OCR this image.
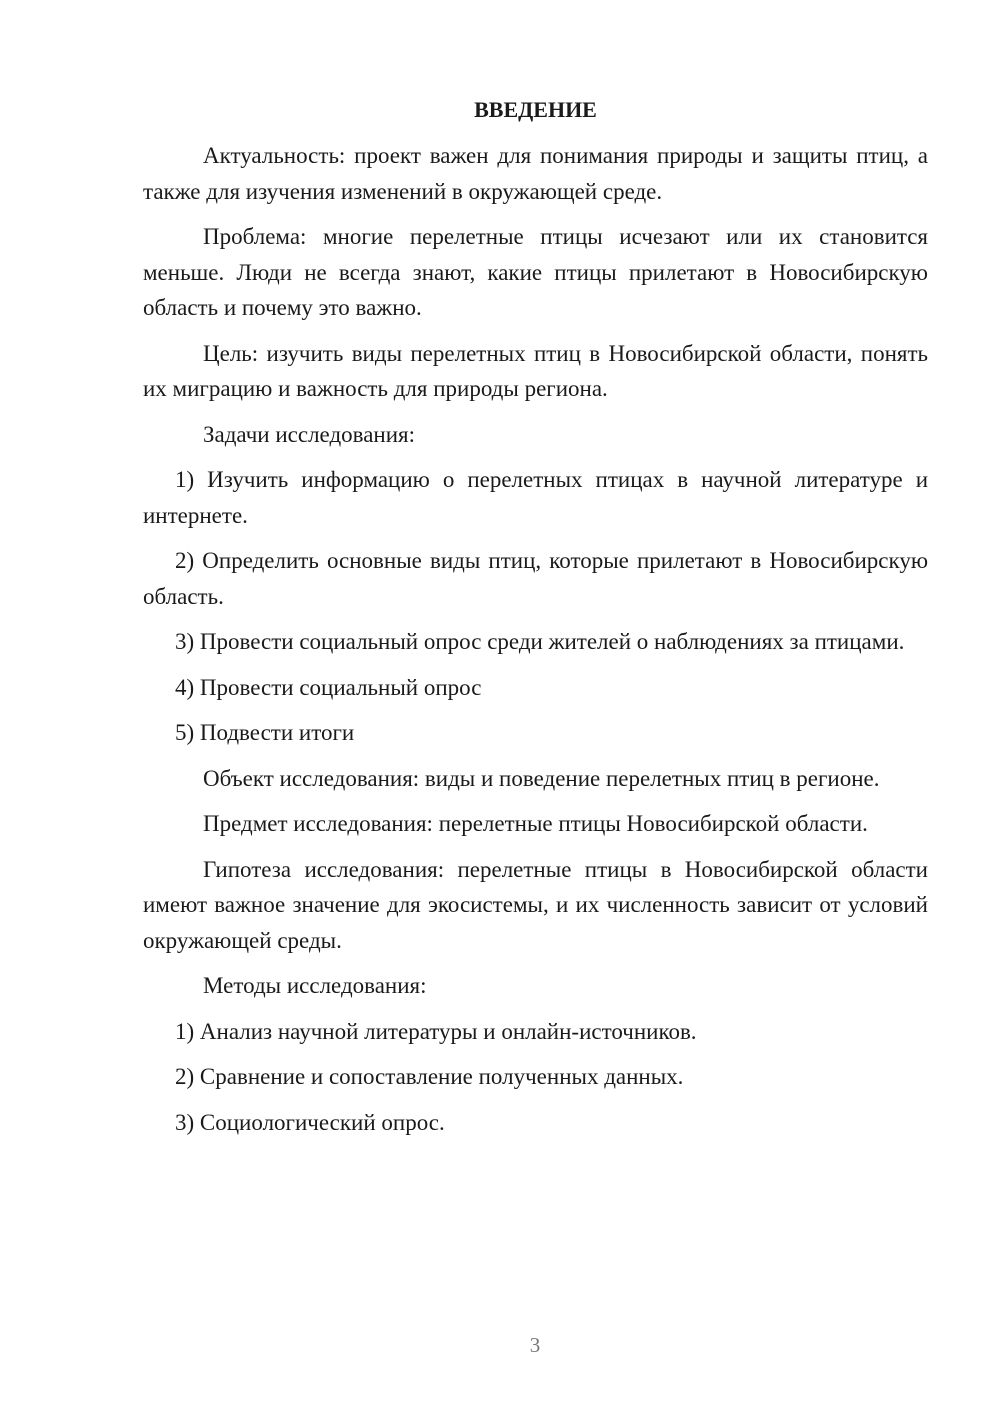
ВВЕДЕНИЕ
Актуальность: проект важен для понимания природы и защиты птиц, а также для изучения изменений в окружающей среде.
Проблема: многие перелетные птицы исчезают или их становится меньше. Люди не всегда знают, какие птицы прилетают в Новосибирскую область и почему это важно.
Цель: изучить виды перелетных птиц в Новосибирской области, понять их миграцию и важность для природы региона.
Задачи исследования:
1) Изучить информацию о перелетных птицах в научной литературе и интернете.
2) Определить основные виды птиц, которые прилетают в Новосибирскую область.
3) Провести социальный опрос среди жителей о наблюдениях за птицами.
4) Провести социальный опрос
5) Подвести итоги
Объект исследования: виды и поведение перелетных птиц в регионе.
Предмет исследования: перелетные птицы Новосибирской области.
Гипотеза исследования: перелетные птицы в Новосибирской области имеют важное значение для экосистемы, и их численность зависит от условий окружающей среды.
Методы исследования:
1) Анализ научной литературы и онлайн-источников.
2) Сравнение и сопоставление полученных данных.
3) Социологический опрос.
3
